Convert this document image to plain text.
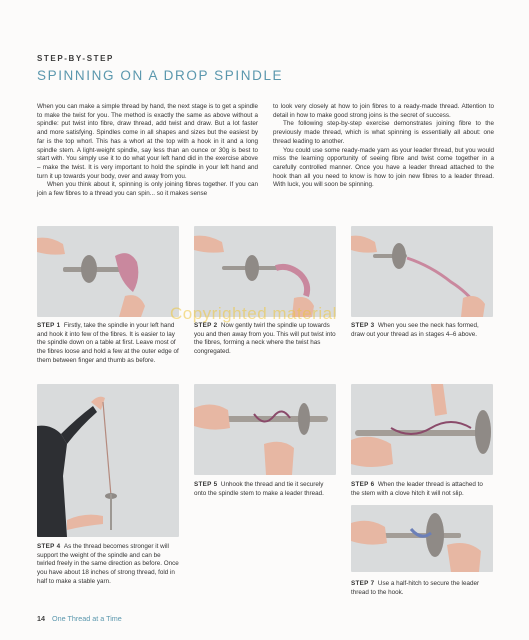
STEP-BY-STEP
SPINNING ON A DROP SPINDLE

When you can make a simple thread by hand, the next stage is to get a spindle to make the twist for you. The method is exactly the same as above without a spindle: put twist into fibre, draw thread, add twist and draw. But a lot faster and more satisfying. Spindles come in all shapes and sizes but the easiest by far is the top whorl. This has a whorl at the top with a hook in it and a long spindle stem. A light-weight spindle, say less than an ounce or 30g is best to start with. You simply use it to do what your left hand did in the exercise above – make the twist. It is very important to hold the spindle in your left hand and turn it up towards your body, over and away from you.

When you think about it, spinning is only joining fibres together. If you can join a few fibres to a thread you can spin... so it makes sense

to look very closely at how to join fibres to a ready-made thread. Attention to detail in how to make good strong joins is the secret of success.

The following step-by-step exercise demonstrates joining fibre to the previously made thread, which is what spinning is essentially all about: one thread leading to another.

You could use some ready-made yarn as your leader thread, but you would miss the learning opportunity of seeing fibre and twist come together in a carefully controlled manner. Once you have a leader thread attached to the hook than all you need to know is how to join new fibres to a leader thread. With luck, you will soon be spinning.

STEP 1 Firstly, take the spindle in your left hand and hook it into few of the fibres. It is easier to lay the spindle down on a table at first. Leave most of the fibres loose and hold a few at the outer edge of them between finger and thumb as before.
STEP 2 Now gently twirl the spindle up towards you and then away from you. This will put twist into the fibres, forming a neck where the twist has congregated.
STEP 3 When you see the neck has formed, draw out your thread as in stages 4–6 above.
STEP 5 Unhook the thread and tie it securely onto the spindle stem to make a leader thread.
STEP 6 When the leader thread is attached to the stem with a clove hitch it will not slip.
STEP 4 As the thread becomes stronger it will support the weight of the spindle and can be twirled freely in the same direction as before. Once you have about 18 inches of strong thread, fold in half to make a stable yarn.	STEP 7 Use a half-hitch to secure the leader thread to the hook.
Copyrighted material
14 One Thread at a Time
